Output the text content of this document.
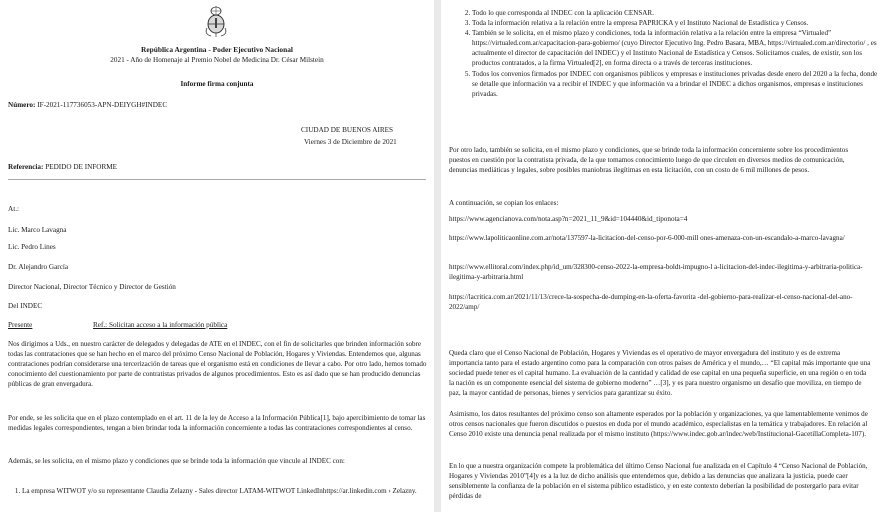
República Argentina - Poder Ejecutivo Nacional
2021 - Año de Homenaje al Premio Nobel de Medicina Dr. César Milstein
Informe firma conjunta
Número: IF-2021-117736053-APN-DEIYGH#INDEC
CIUDAD DE BUENOS AIRES
Viernes 3 de Diciembre de 2021
Referencia: PEDIDO DE INFORME
At.:
Lic. Marco Lavagna
Lic. Pedro Lines
Dr. Alejandro García
Director Nacional, Director Técnico y Director de Gestión
Del INDEC
Presente	Ref.: Solicitan acceso a la información pública
Nos dirigimos a Uds., en nuestro carácter de delegados y delegadas de ATE en el INDEC, con el fin de solicitarles que brinden información sobre todas las contrataciones que se han hecho en el marco del próximo Censo Nacional de Población, Hogares y Viviendas. Entendemos que, algunas contrataciones podrían considerarse una tercerización de tareas que el organismo está en condiciones de llevar a cabo. Por otro lado, hemos tomado conocimiento del cuestionamiento por parte de contratistas privados de algunos procedimientos. Esto es así dado que se han producido denuncias públicas de gran envergadura.
Por ende, se les solicita que en el plazo contemplado en el art. 11 de la ley de Acceso a la Información Pública[1], bajo apercibimiento de tomar las medidas legales correspondientes, tengan a bien brindar toda la información concerniente a todas las contrataciones correspondientes al censo.
Además, se les solicita, en el mismo plazo y condiciones que se brinde toda la información que vincule al INDEC con:
1. La empresa WITWOT y/o su representante Claudia Zelazny - Sales director LATAM-WITWOT LinkedInhttps://ar.linkedin.com › Zelazny.
2. Todo lo que corresponda al INDEC con la aplicación CENSAR.
3. Toda la información relativa a la relación entre la empresa PAPRICKA y el Instituto Nacional de Estadística y Censos.
4. También se le solicita, en el mismo plazo y condiciones, toda la información relativa a la relación entre la empresa “Virtualed” https://virtualed.com.ar/capacitacion-para-gobierno/ (cuyo Director Ejecutivo Ing. Pedro Basara, MBA, https://virtualed.com.ar/directorio/ , es actualmente el director de capacitación del INDEC) y el Instituto Nacional de Estadística y Censos. Solicitamos cuales, de existir, son los productos contratados, a la firma Virtualed[2], en forma directa o a través de terceras instituciones.
5. Todos los convenios firmados por INDEC con organismos públicos y empresas e instituciones privadas desde enero del 2020 a la fecha, donde se detalle que información va a recibir el INDEC y que información va a brindar el INDEC a dichos organismos, empresas e instituciones privadas.
Por otro lado, también se solicita, en el mismo plazo y condiciones, que se brinde toda la información concerniente sobre los procedimientos puestos en cuestión por la contratista privada, de la que tomamos conocimiento luego de que circulen en diversos medios de comunicación, denuncias mediáticas y legales, sobre posibles maniobras ilegítimas en esta licitación, con un costo de 6 mil millones de pesos.
A continuación, se copian los enlaces:
https://www.agencianova.com/nota.asp?n=2021_11_9&id=104440&id_tiponota=4
https://www.lapoliticaonline.com.ar/nota/137597-la-licitacion-del-censo-por-6-000-mill ones-amenaza-con-un-escandalo-a-marco-lavagna/
https://www.ellitoral.com/index.php/id_um/328300-censo-2022-la-empresa-boldt-impugno-l a-licitacion-del-indec-ilegitima-y-arbitraria-politica-ilegitima-y-arbitraria.html
https://lacritica.com.ar/2021/11/13/crece-la-sospecha-de-dumping-en-la-oferta-favorita -del-gobierno-para-realizar-el-censo-nacional-del-ano-2022/amp/
Queda claro que el Censo Nacional de Población, Hogares y Viviendas es el operativo de mayor envergadura del instituto y es de extrema importancia tanto para el estado argentino como para la comparación con otros países de América y el mundo,… “El capital más importante que una sociedad puede tener es el capital humano. La evaluación de la cantidad y calidad de ese capital en una pequeña superficie, en una región o en toda la nación es un componente esencial del sistema de gobierno moderno” …[3], y es para nuestro organismo un desafío que moviliza, en tiempo de paz, la mayor cantidad de personas, bienes y servicios para garantizar su éxito.
Asimismo, los datos resultantes del próximo censo son altamente esperados por la población y organizaciones, ya que lamentablemente venimos de otros censos nacionales que fueron discutidos o puestos en duda por el mundo académico, especialistas en la temática y trabajadores. En relación al Censo 2010 existe una denuncia penal realizada por el mismo instituto (https://www.indec.gob.ar/indec/web/Institucional-GacetillaCompleta-107).
En lo que a nuestra organización compete la problemática del último Censo Nacional fue analizada en el Capítulo 4 “Censo Nacional de Población, Hogares y Viviendas 2010”[4]y es a la luz de dicho análisis que entendemos que, debido a las denuncias que analizara la justicia, puede caer sensiblemente la confianza de la población en el sistema público estadístico, y en este contexto deberían la posibilidad de postergarlo para evitar pérdidas de
